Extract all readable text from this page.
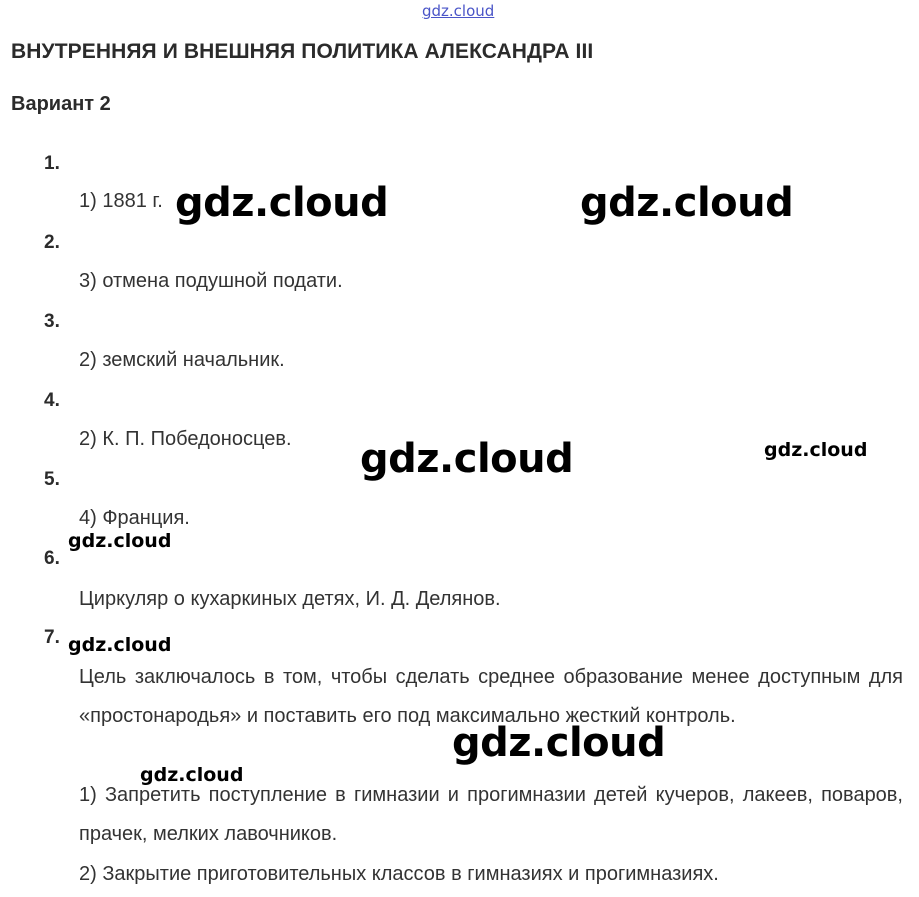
gdz.cloud
ВНУТРЕННЯЯ И ВНЕШНЯЯ ПОЛИТИКА АЛЕКСАНДРА III
Вариант 2
1.
1) 1881 г.
2.
3) отмена подушной подати.
3.
2) земский начальник.
4.
2) К. П. Победоносцев.
5.
4) Франция.
6.
Циркуляр о кухаркиных детях, И. Д. Делянов.
7.
Цель заключалось в том, чтобы сделать среднее образование менее доступным для «простонародья» и поставить его под максимально жесткий контроль.
1) Запретить поступление в гимназии и прогимназии детей кучеров, лакеев, поваров, прачек, мелких лавочников.
2) Закрытие приготовительных классов в гимназиях и прогимназиях.
gdz.cloud	gdz.cloud
gdz.cloud	gdz.cloud
gdz.cloud
gdz.cloud
gdz.cloud
gdz.cloud
